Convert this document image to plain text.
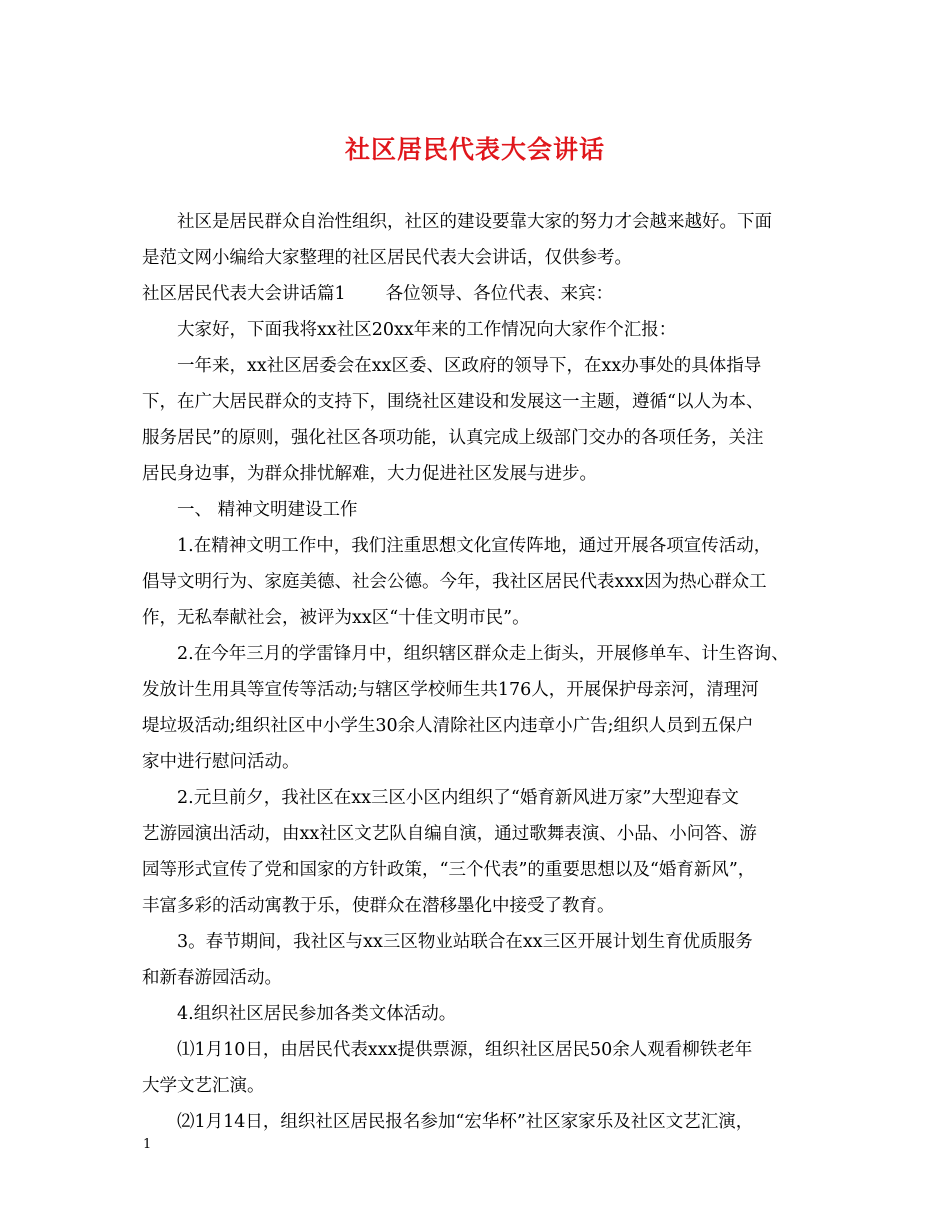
社区居民代表大会讲话
社区是居民群众自治性组织，社区的建设要靠大家的努力才会越来越好。下面
是范文网小编给大家整理的社区居民代表大会讲话，仅供参考。
社区居民代表大会讲话篇1 各位领导、各位代表、来宾：
大家好，下面我将xx社区20xx年来的工作情况向大家作个汇报：
一年来，xx社区居委会在xx区委、区政府的领导下，在xx办事处的具体指导
下，在广大居民群众的支持下，围绕社区建设和发展这一主题，遵循“以人为本、
服务居民”的原则，强化社区各项功能，认真完成上级部门交办的各项任务，关注
居民身边事，为群众排忧解难，大力促进社区发展与进步。
一、 精神文明建设工作
1.在精神文明工作中，我们注重思想文化宣传阵地，通过开展各项宣传活动，
倡导文明行为、家庭美德、社会公德。今年，我社区居民代表xxx因为热心群众工
作，无私奉献社会，被评为xx区“十佳文明市民”。
2.在今年三月的学雷锋月中，组织辖区群众走上街头，开展修单车、计生咨询、
发放计生用具等宣传等活动;与辖区学校师生共176人，开展保护母亲河，清理河
堤垃圾活动;组织社区中小学生30余人清除社区内违章小广告;组织人员到五保户
家中进行慰问活动。
2.元旦前夕，我社区在xx三区小区内组织了“婚育新风进万家”大型迎春文
艺游园演出活动，由xx社区文艺队自编自演，通过歌舞表演、小品、小问答、游
园等形式宣传了党和国家的方针政策，“三个代表”的重要思想以及“婚育新风”，
丰富多彩的活动寓教于乐，使群众在潜移墨化中接受了教育。
3。春节期间，我社区与xx三区物业站联合在xx三区开展计划生育优质服务
和新春游园活动。
4.组织社区居民参加各类文体活动。
⑴1月10日，由居民代表xxx提供票源，组织社区居民50余人观看柳铁老年
大学文艺汇演。
⑵1月14日，组织社区居民报名参加“宏华杯”社区家家乐及社区文艺汇演，
1
